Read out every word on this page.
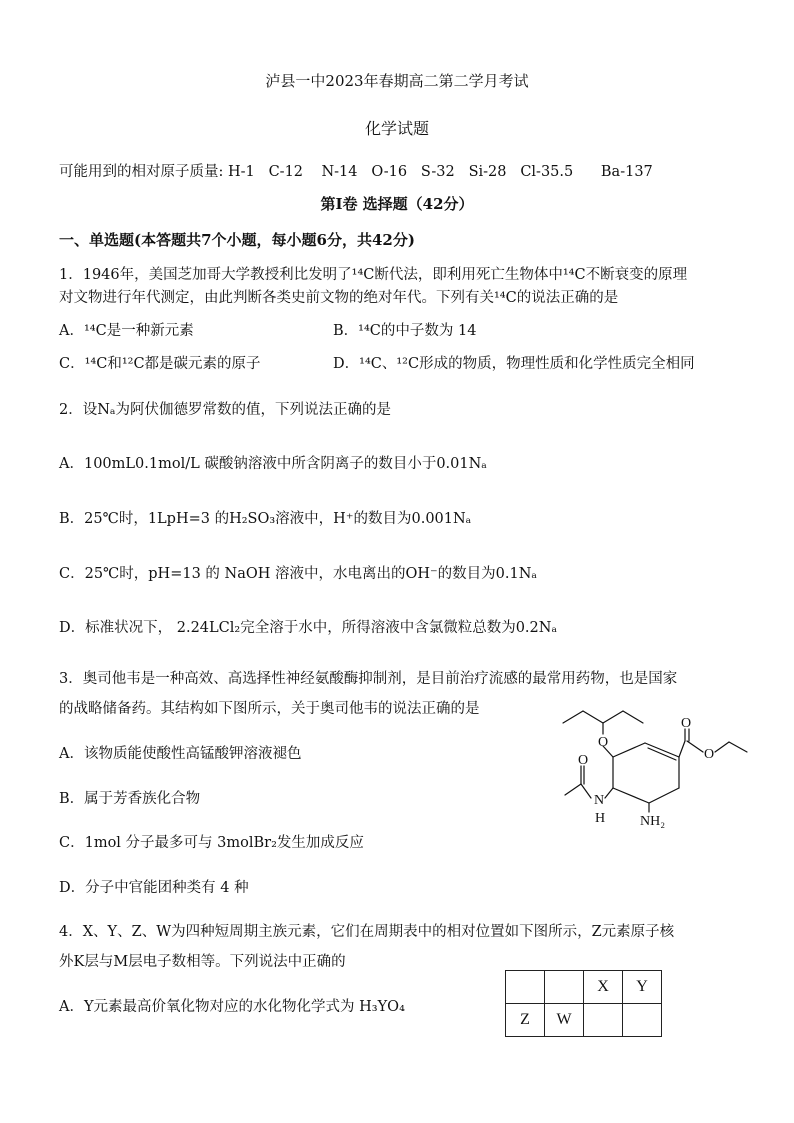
泸县一中2023年春期高二第二学月考试
化学试题
可能用到的相对原子质量: H-1   C-12    N-14   O-16   S-32   Si-28   Cl-35.5      Ba-137
第Ⅰ卷 选择题（42分）
一、单选题(本答题共7个小题，每小题6分，共42分)
1．1946年，美国芝加哥大学教授利比发明了¹⁴C断代法，即利用死亡生物体中¹⁴C不断衰变的原理
对文物进行年代测定，由此判断各类史前文物的绝对年代。下列有关¹⁴C的说法正确的是
A．¹⁴C是一种新元素	B．¹⁴C的中子数为 14
C．¹⁴C和¹²C都是碳元素的原子	D．¹⁴C、¹²C形成的物质，物理性质和化学性质完全相同
2．设Nₐ为阿伏伽德罗常数的值，下列说法正确的是
A．100mL0.1mol/L 碳酸钠溶液中所含阴离子的数目小于0.01Nₐ
B．25℃时，1LpH=3 的H₂SO₃溶液中，H⁺的数目为0.001Nₐ
C．25℃时，pH=13 的 NaOH 溶液中，水电离出的OH⁻的数目为0.1Nₐ
D．标准状况下， 2.24LCl₂完全溶于水中，所得溶液中含氯微粒总数为0.2Nₐ
3．奥司他韦是一种高效、高选择性神经氨酸酶抑制剂，是目前治疗流感的最常用药物，也是国家
的战略储备药。其结构如下图所示，关于奥司他韦的说法正确的是
A．该物质能使酸性高锰酸钾溶液褪色
B．属于芳香族化合物
C．1mol 分子最多可与 3molBr₂发生加成反应
D．分子中官能团种类有 4 种
O
O
O
O
N
H NH₂
4．X、Y、Z、W为四种短周期主族元素，它们在周期表中的相对位置如下图所示，Z元素原子核
外K层与M层电子数相等。下列说法中正确的
A．Y元素最高价氧化物对应的水化物化学式为 H₃YO₄
		X	Y
Z	W		
